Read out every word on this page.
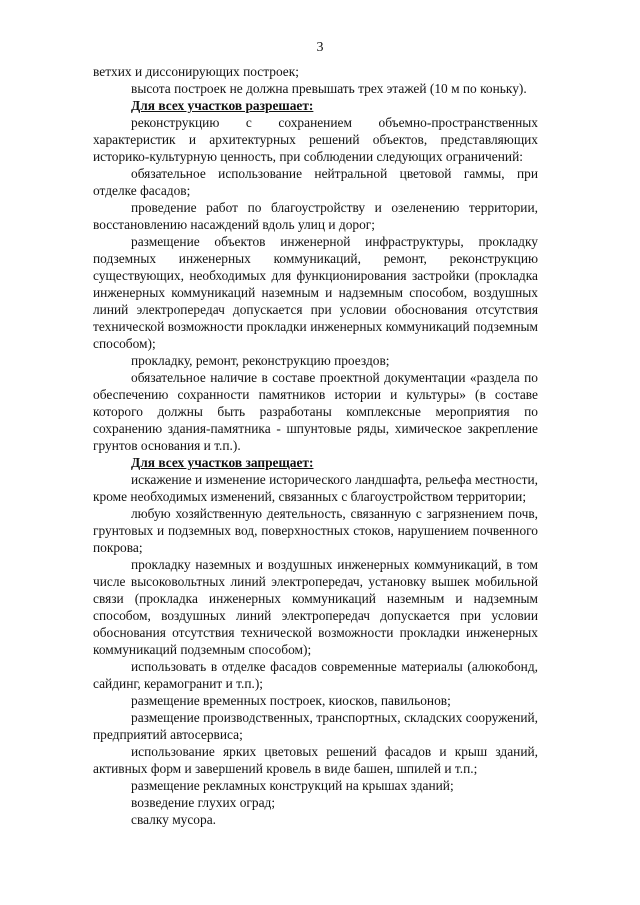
3

ветхих и диссонирующих построек;

высота построек не должна превышать трех этажей (10 м по коньку).

Для всех участков разрешает:

реконструкцию с сохранением объемно-пространственных характеристик и архитектурных решений объектов, представляющих историко-культурную ценность, при соблюдении следующих ограничений:

обязательное использование нейтральной цветовой гаммы, при отделке фасадов;

проведение работ по благоустройству и озеленению территории, восстановлению насаждений вдоль улиц и дорог;

размещение объектов инженерной инфраструктуры, прокладку подземных инженерных коммуникаций, ремонт, реконструкцию существующих, необходимых для функционирования застройки (прокладка инженерных коммуникаций наземным и надземным способом, воздушных линий электропередач допускается при условии обоснования отсутствия технической возможности прокладки инженерных коммуникаций подземным способом);

прокладку, ремонт, реконструкцию проездов;

обязательное наличие в составе проектной документации «раздела по обеспечению сохранности памятников истории и культуры» (в составе которого должны быть разработаны комплексные мероприятия по сохранению здания-памятника - шпунтовые ряды, химическое закрепление грунтов основания и т.п.).

Для всех участков запрещает:

искажение и изменение исторического ландшафта, рельефа местности, кроме необходимых изменений, связанных с благоустройством территории;

любую хозяйственную деятельность, связанную с загрязнением почв, грунтовых и подземных вод, поверхностных стоков, нарушением почвенного покрова;

прокладку наземных и воздушных инженерных коммуникаций, в том числе высоковольтных линий электропередач, установку вышек мобильной связи (прокладка инженерных коммуникаций наземным и надземным способом, воздушных линий электропередач допускается при условии обоснования отсутствия технической возможности прокладки инженерных коммуникаций подземным способом);

использовать в отделке фасадов современные материалы (алюкобонд, сайдинг, керамогранит и т.п.);

размещение временных построек, киосков, павильонов;

размещение производственных, транспортных, складских сооружений, предприятий автосервиса;

использование ярких цветовых решений фасадов и крыш зданий, активных форм и завершений кровель в виде башен, шпилей и т.п.;

размещение рекламных конструкций на крышах зданий;

возведение глухих оград;

свалку мусора.
